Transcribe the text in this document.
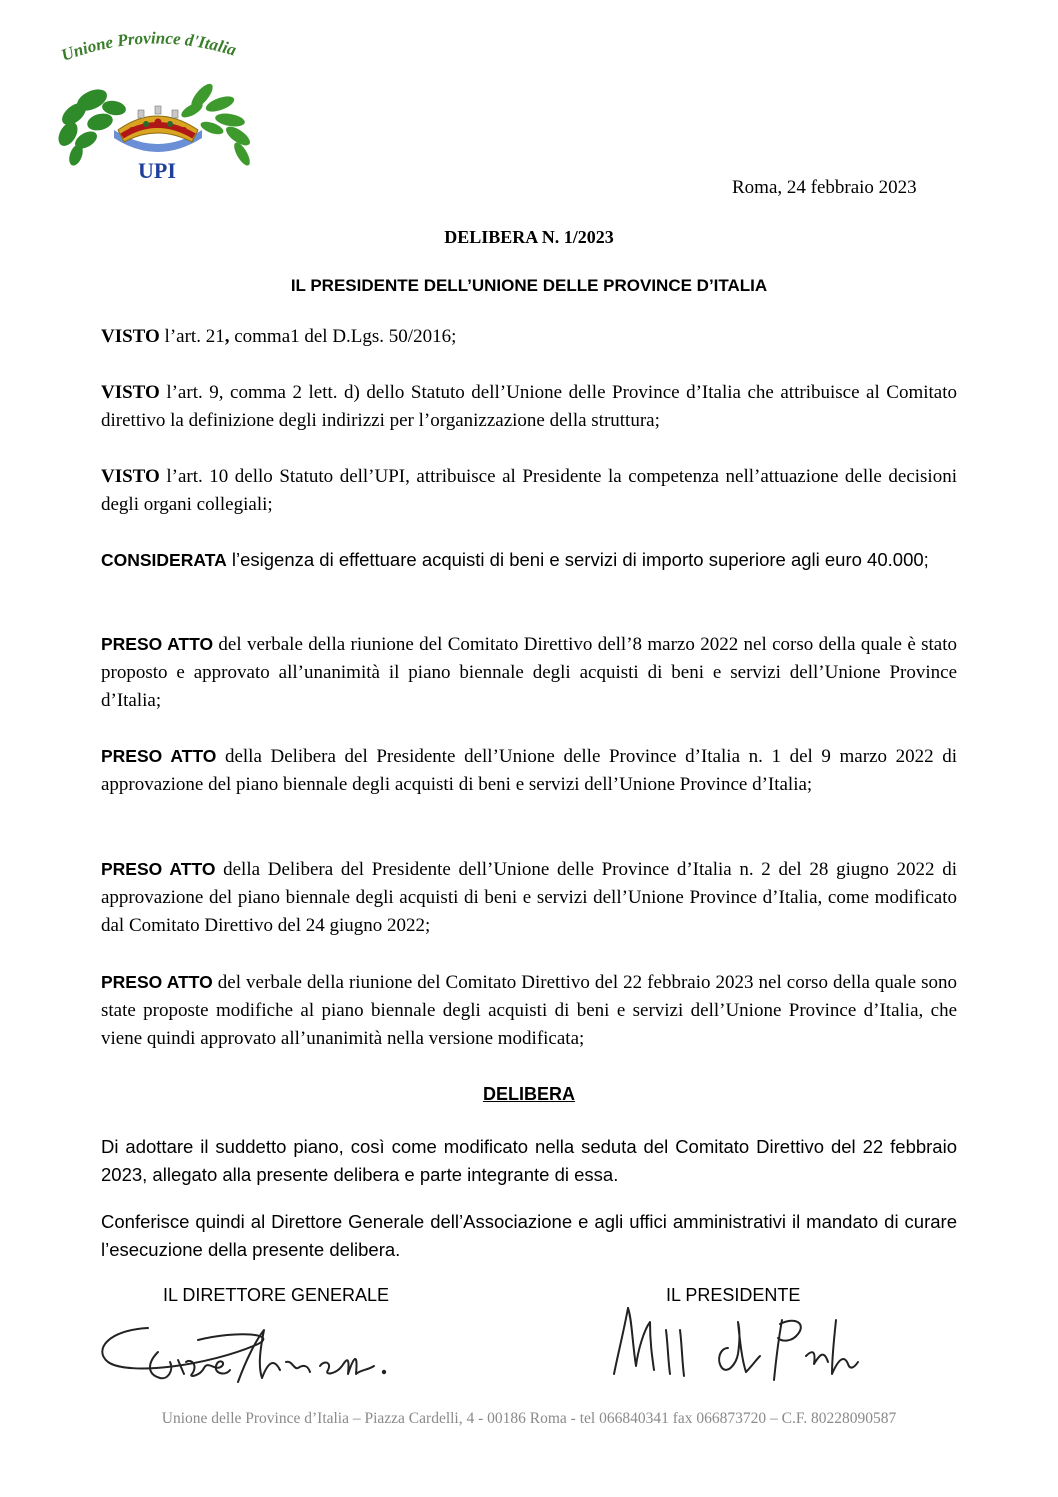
Unione Province d'Italia
UPI
Roma, 24 febbraio 2023
DELIBERA N. 1/2023
IL PRESIDENTE DELL’UNIONE DELLE PROVINCE D’ITALIA

VISTO l’art. 21, comma1 del D.Lgs. 50/2016;

VISTO l’art. 9, comma 2 lett. d) dello Statuto dell’Unione delle Province d’Italia che attribuisce al Comitato direttivo la definizione degli indirizzi per l’organizzazione della struttura;

VISTO l’art. 10 dello Statuto dell’UPI, attribuisce al Presidente la competenza nell’attuazione delle decisioni degli organi collegiali;

CONSIDERATA l’esigenza di effettuare acquisti di beni e servizi di importo superiore agli euro 40.000;

PRESO ATTO del verbale della riunione del Comitato Direttivo dell’8 marzo 2022 nel corso della quale è stato proposto e approvato all’unanimità il piano biennale degli acquisti di beni e servizi dell’Unione Province d’Italia;

PRESO ATTO della Delibera del Presidente dell’Unione delle Province d’Italia n. 1 del 9 marzo 2022 di approvazione del piano biennale degli acquisti di beni e servizi dell’Unione Province d’Italia;

PRESO ATTO della Delibera del Presidente dell’Unione delle Province d’Italia n. 2 del 28 giugno 2022 di approvazione del piano biennale degli acquisti di beni e servizi dell’Unione Province d’Italia, come modificato dal Comitato Direttivo del 24 giugno 2022;

PRESO ATTO del verbale della riunione del Comitato Direttivo del 22 febbraio 2023 nel corso della quale sono state proposte modifiche al piano biennale degli acquisti di beni e servizi dell’Unione Province d’Italia, che viene quindi approvato all’unanimità nella versione modificata;

DELIBERA

Di adottare il suddetto piano, così come modificato nella seduta del Comitato Direttivo del 22 febbraio 2023, allegato alla presente delibera e parte integrante di essa.

Conferisce quindi al Direttore Generale dell’Associazione e agli uffici amministrativi il mandato di curare l’esecuzione della presente delibera.

IL DIRETTORE GENERALE	IL PRESIDENTE
Unione delle Province d’Italia – Piazza Cardelli, 4 - 00186 Roma - tel 066840341 fax 066873720 – C.F. 80228090587
